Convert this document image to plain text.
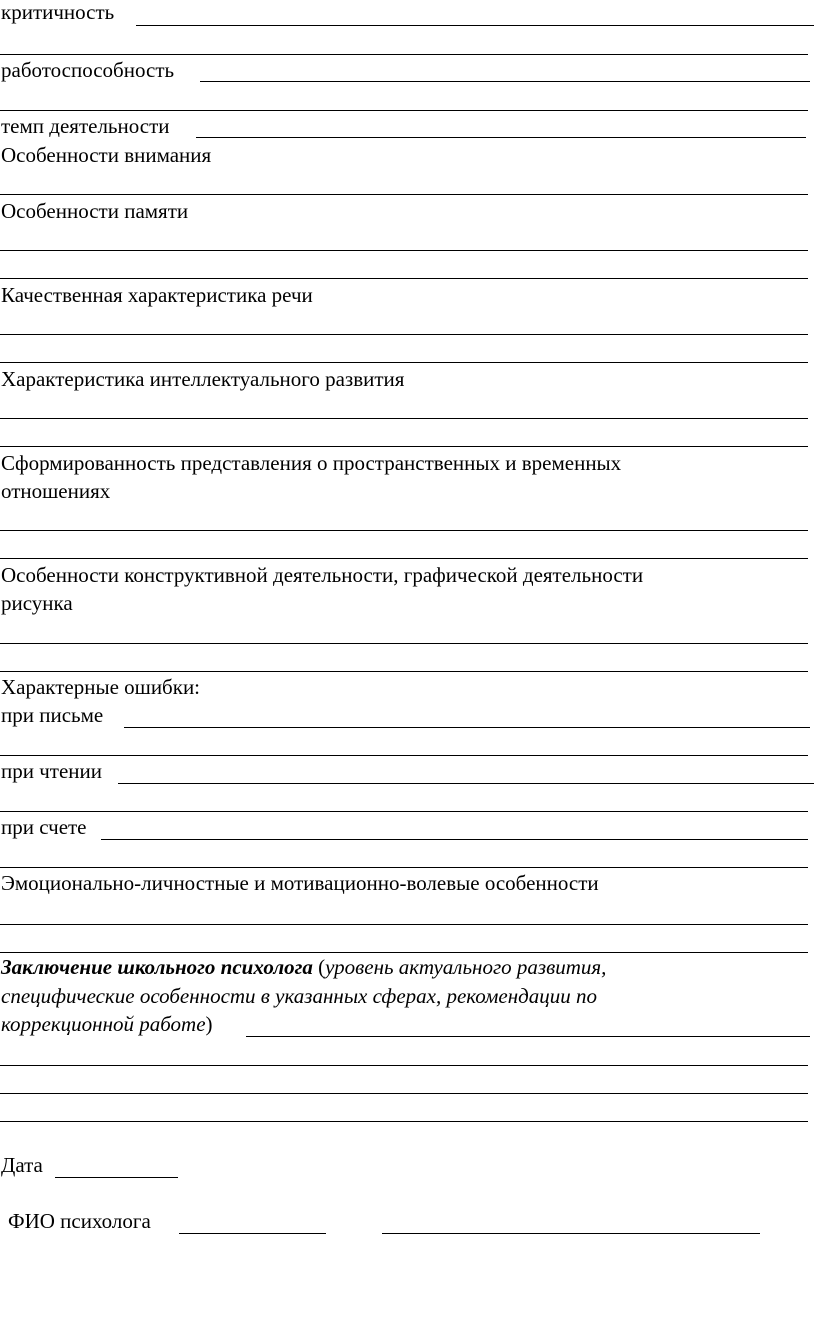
критичность
работоспособность
темп деятельности
Особенности внимания
Особенности памяти
Качественная характеристика речи
Характеристика интеллектуального развития
Сформированность представления о пространственных и временных
отношениях
Особенности конструктивной деятельности, графической деятельности
рисунка
Характерные ошибки:
при письме
при чтении
при счете
Эмоционально-личностные и мотивационно-волевые особенности
Заключение школьного психолога (уровень актуального развития,
специфические особенности в указанных сферах, рекомендации по
коррекционной работе)
Дата
ФИО психолога
